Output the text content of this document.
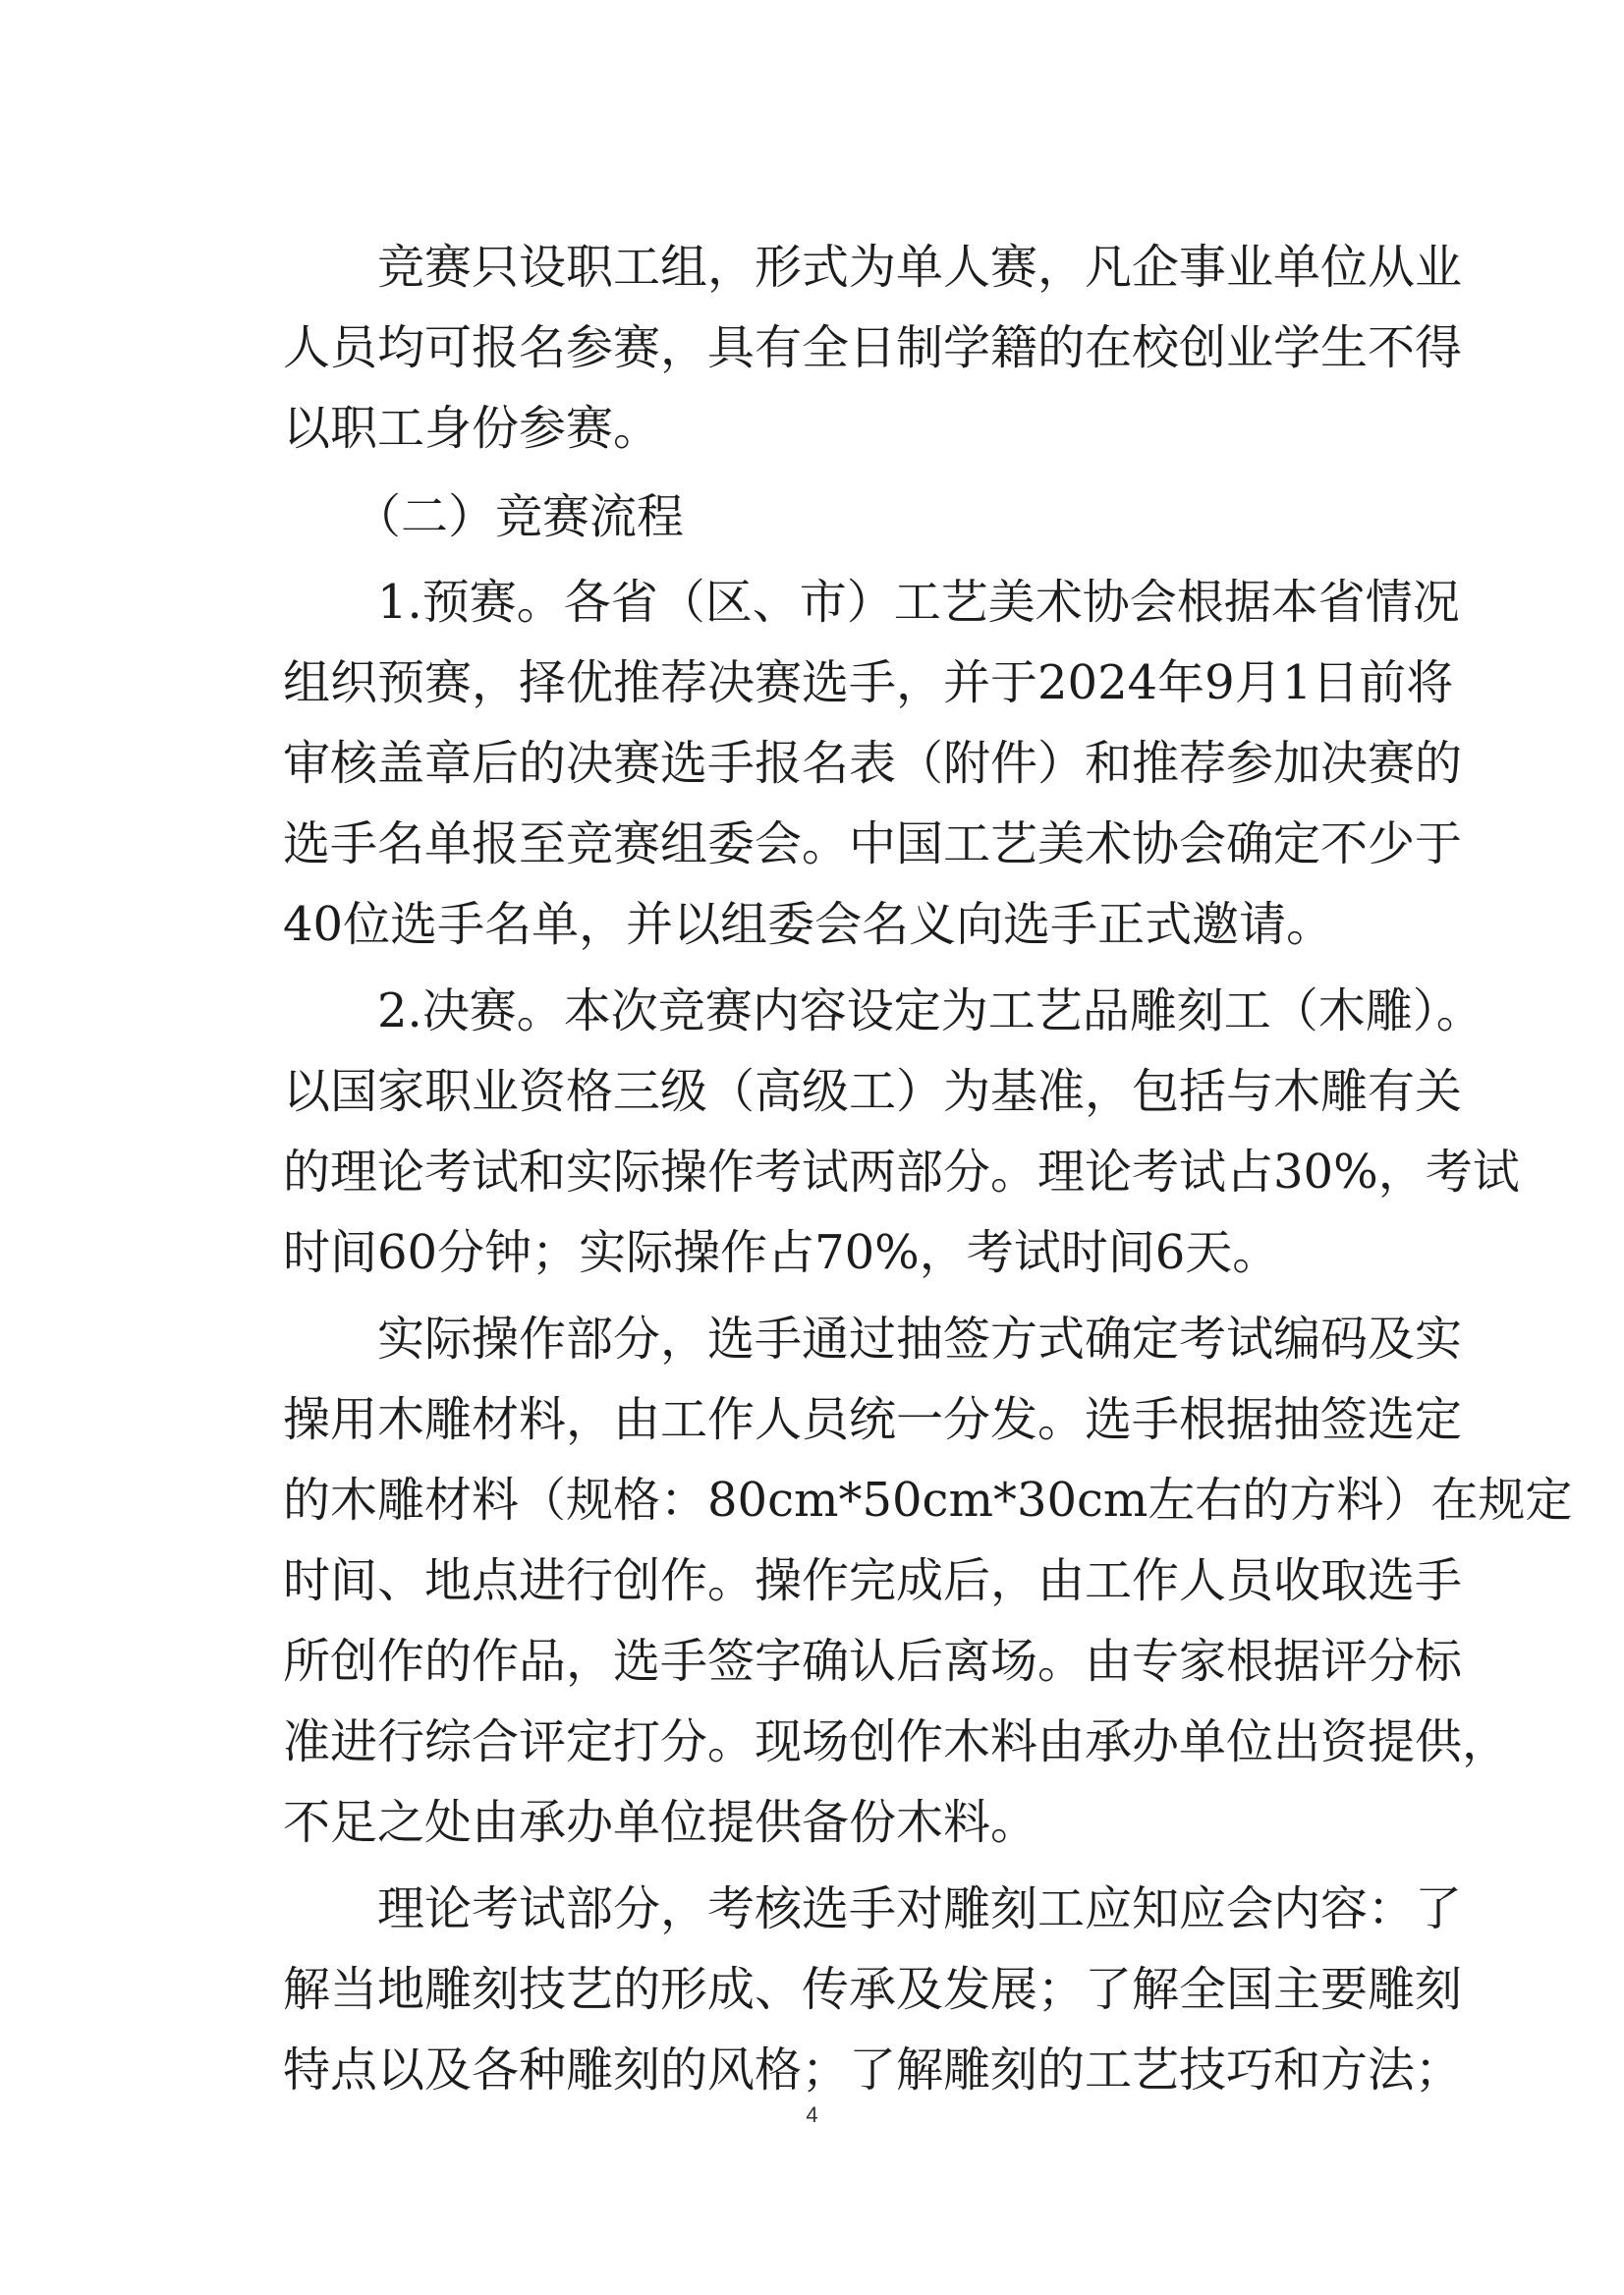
　　竞赛只设职工组，形式为单人赛，凡企事业单位从业
人员均可报名参赛，具有全日制学籍的在校创业学生不得
以职工身份参赛。
　　（二）竞赛流程
　　1.预赛。各省（区、市）工艺美术协会根据本省情况
组织预赛，择优推荐决赛选手，并于2024年9月1日前将
审核盖章后的决赛选手报名表（附件）和推荐参加决赛的
选手名单报至竞赛组委会。中国工艺美术协会确定不少于
40位选手名单，并以组委会名义向选手正式邀请。
　　2.决赛。本次竞赛内容设定为工艺品雕刻工（木雕）。
以国家职业资格三级（高级工）为基准，包括与木雕有关
的理论考试和实际操作考试两部分。理论考试占30%，考试
时间60分钟；实际操作占70%，考试时间6天。
　　实际操作部分，选手通过抽签方式确定考试编码及实
操用木雕材料，由工作人员统一分发。选手根据抽签选定
的木雕材料（规格：80cm*50cm*30cm左右的方料）在规定
时间、地点进行创作。操作完成后，由工作人员收取选手
所创作的作品，选手签字确认后离场。由专家根据评分标
准进行综合评定打分。现场创作木料由承办单位出资提供，
不足之处由承办单位提供备份木料。
　　理论考试部分，考核选手对雕刻工应知应会内容：了
解当地雕刻技艺的形成、传承及发展；了解全国主要雕刻
特点以及各种雕刻的风格；了解雕刻的工艺技巧和方法；
4
